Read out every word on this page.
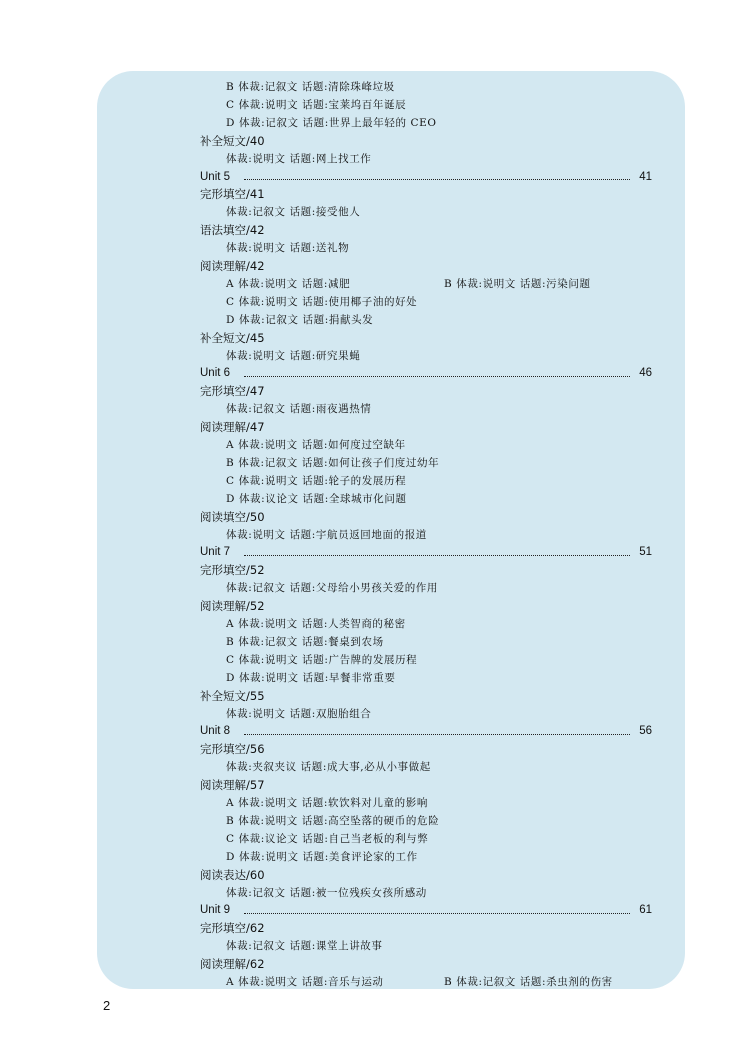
B 体裁:记叙文 话题:清除珠峰垃圾
C 体裁:说明文 话题:宝莱坞百年诞辰
D 体裁:记叙文 话题:世界上最年轻的 CEO
补全短文/40
体裁:说明文 话题:网上找工作
Unit 5	41
完形填空/41
体裁:记叙文 话题:接受他人
语法填空/42
体裁:说明文 话题:送礼物
阅读理解/42
A 体裁:说明文 话题:减肥	B 体裁:说明文 话题:污染问题
C 体裁:说明文 话题:使用椰子油的好处
D 体裁:记叙文 话题:捐献头发
补全短文/45
体裁:说明文 话题:研究果蝇
Unit 6	46
完形填空/47
体裁:记叙文 话题:雨夜遇热情
阅读理解/47
A 体裁:说明文 话题:如何度过空缺年
B 体裁:记叙文 话题:如何让孩子们度过幼年
C 体裁:说明文 话题:轮子的发展历程
D 体裁:议论文 话题:全球城市化问题
阅读填空/50
体裁:说明文 话题:宇航员返回地面的报道
Unit 7	51
完形填空/52
体裁:记叙文 话题:父母给小男孩关爱的作用
阅读理解/52
A 体裁:说明文 话题:人类智商的秘密
B 体裁:记叙文 话题:餐桌到农场
C 体裁:说明文 话题:广告牌的发展历程
D 体裁:说明文 话题:早餐非常重要
补全短文/55
体裁:说明文 话题:双胞胎组合
Unit 8	56
完形填空/56
体裁:夹叙夹议 话题:成大事,必从小事做起
阅读理解/57
A 体裁:说明文 话题:软饮料对儿童的影响
B 体裁:说明文 话题:高空坠落的硬币的危险
C 体裁:议论文 话题:自己当老板的利与弊
D 体裁:说明文 话题:美食评论家的工作
阅读表达/60
体裁:记叙文 话题:被一位残疾女孩所感动
Unit 9	61
完形填空/62
体裁:记叙文 话题:课堂上讲故事
阅读理解/62
A 体裁:说明文 话题:音乐与运动	B 体裁:记叙文 话题:杀虫剂的伤害
2
